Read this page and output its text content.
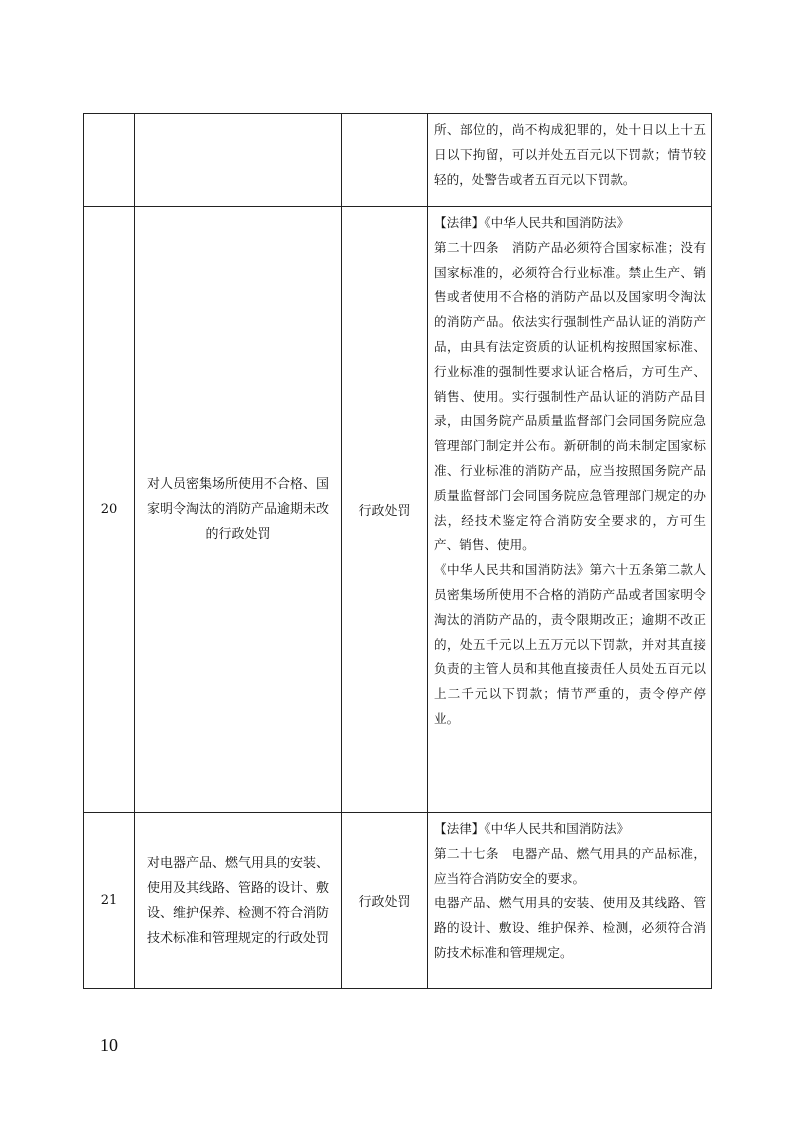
			所、部位的，尚不构成犯罪的，处十日以上十五日以下拘留，可以并处五百元以下罚款；情节较轻的，处警告或者五百元以下罚款。

20	对人员密集场所使用不合格、国家明令淘汰的消防产品逾期未改的行政处罚	行政处罚	【法律】《中华人民共和国消防法》

第二十四条　消防产品必须符合国家标准；没有国家标准的，必须符合行业标准。禁止生产、销售或者使用不合格的消防产品以及国家明令淘汰的消防产品。依法实行强制性产品认证的消防产品，由具有法定资质的认证机构按照国家标准、行业标准的强制性要求认证合格后，方可生产、销售、使用。实行强制性产品认证的消防产品目录，由国务院产品质量监督部门会同国务院应急管理部门制定并公布。新研制的尚未制定国家标准、行业标准的消防产品，应当按照国务院产品质量监督部门会同国务院应急管理部门规定的办法，经技术鉴定符合消防安全要求的，方可生产、销售、使用。

《中华人民共和国消防法》第六十五条第二款人员密集场所使用不合格的消防产品或者国家明令淘汰的消防产品的，责令限期改正；逾期不改正的，处五千元以上五万元以下罚款，并对其直接负责的主管人员和其他直接责任人员处五百元以上二千元以下罚款；情节严重的，责令停产停业。

21	对电器产品、燃气用具的安装、使用及其线路、管路的设计、敷设、维护保养、检测不符合消防技术标准和管理规定的行政处罚	行政处罚	【法律】《中华人民共和国消防法》

第二十七条　电器产品、燃气用具的产品标准，应当符合消防安全的要求。

电器产品、燃气用具的安装、使用及其线路、管路的设计、敷设、维护保养、检测，必须符合消防技术标准和管理规定。

10
